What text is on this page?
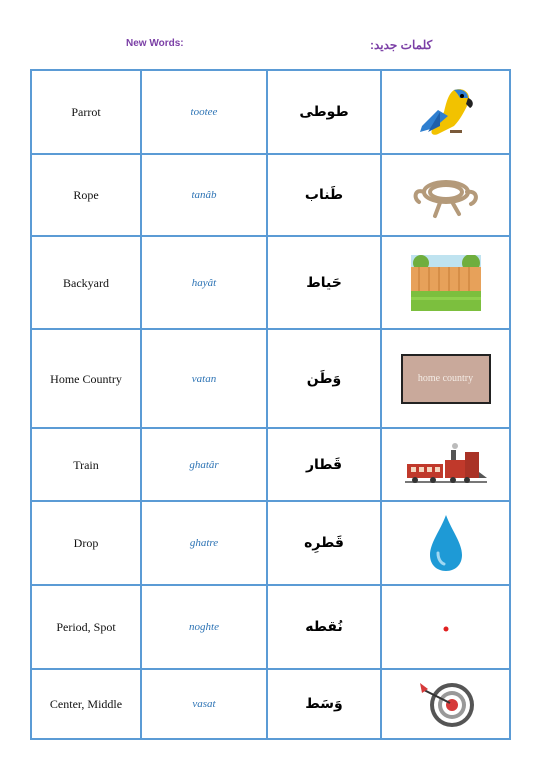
New Words:	کلمات جدید:
Parrot	tootee	طوطی	

Rope	tanâb	طَناب	

Backyard	hayât	حَیاط	

Home Country	vatan	وَطَن	home country

Train	ghatâr	قَطار	

Drop	ghatre	قَطرِه	

Period, Spot	noghte	نُقطه	

Center, Middle	vasat	وَسَط	
